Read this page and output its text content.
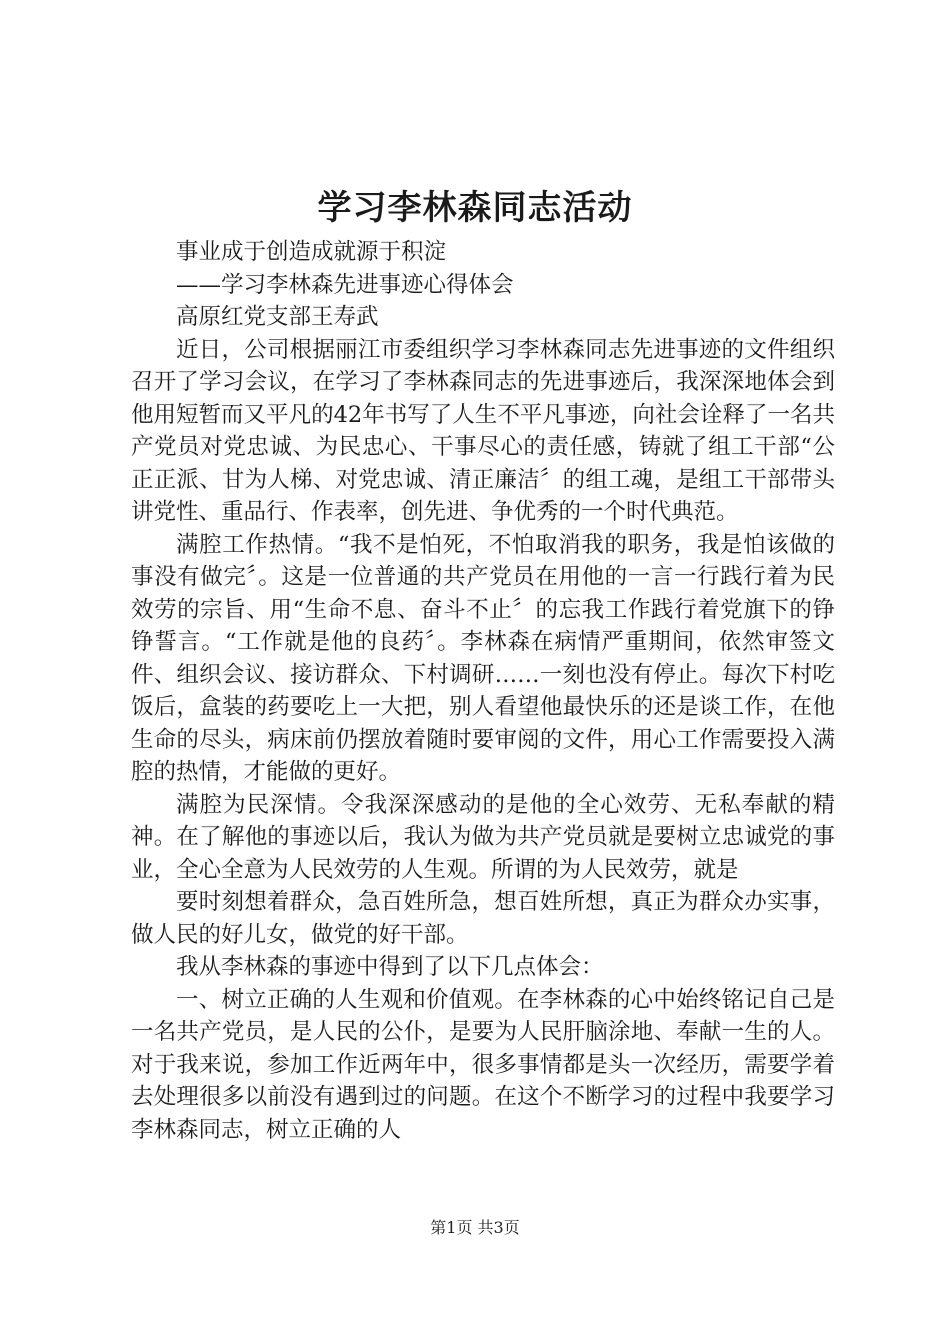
学习李林森同志活动

事业成于创造成就源于积淀

——学习李林森先进事迹心得体会

高原红党支部王寿武

近日，公司根据丽江市委组织学习李林森同志先进事迹的文件组织召开了学习会议，在学习了李林森同志的先进事迹后，我深深地体会到他用短暂而又平凡的42年书写了人生不平凡事迹，向社会诠释了一名共产党员对党忠诚、为民忠心、干事尽心的责任感，铸就了组工干部“公正正派、甘为人梯、对党忠诚、清正廉洁〞的组工魂，是组工干部带头讲党性、重品行、作表率，创先进、争优秀的一个时代典范。

满腔工作热情。“我不是怕死，不怕取消我的职务，我是怕该做的事没有做完〞。这是一位普通的共产党员在用他的一言一行践行着为民效劳的宗旨、用“生命不息、奋斗不止〞的忘我工作践行着党旗下的铮铮誓言。“工作就是他的良药〞。李林森在病情严重期间，依然审签文件、组织会议、接访群众、下村调研……一刻也没有停止。每次下村吃饭后，盒装的药要吃上一大把，别人看望他最快乐的还是谈工作，在他生命的尽头，病床前仍摆放着随时要审阅的文件，用心工作需要投入满腔的热情，才能做的更好。

满腔为民深情。令我深深感动的是他的全心效劳、无私奉献的精神。在了解他的事迹以后，我认为做为共产党员就是要树立忠诚党的事业，全心全意为人民效劳的人生观。所谓的为人民效劳，就是

要时刻想着群众，急百姓所急，想百姓所想，真正为群众办实事，做人民的好儿女，做党的好干部。

我从李林森的事迹中得到了以下几点体会：

一、树立正确的人生观和价值观。在李林森的心中始终铭记自己是一名共产党员，是人民的公仆，是要为人民肝脑涂地、奉献一生的人。对于我来说，参加工作近两年中，很多事情都是头一次经历，需要学着去处理很多以前没有遇到过的问题。在这个不断学习的过程中我要学习李林森同志，树立正确的人

第1页 共3页
